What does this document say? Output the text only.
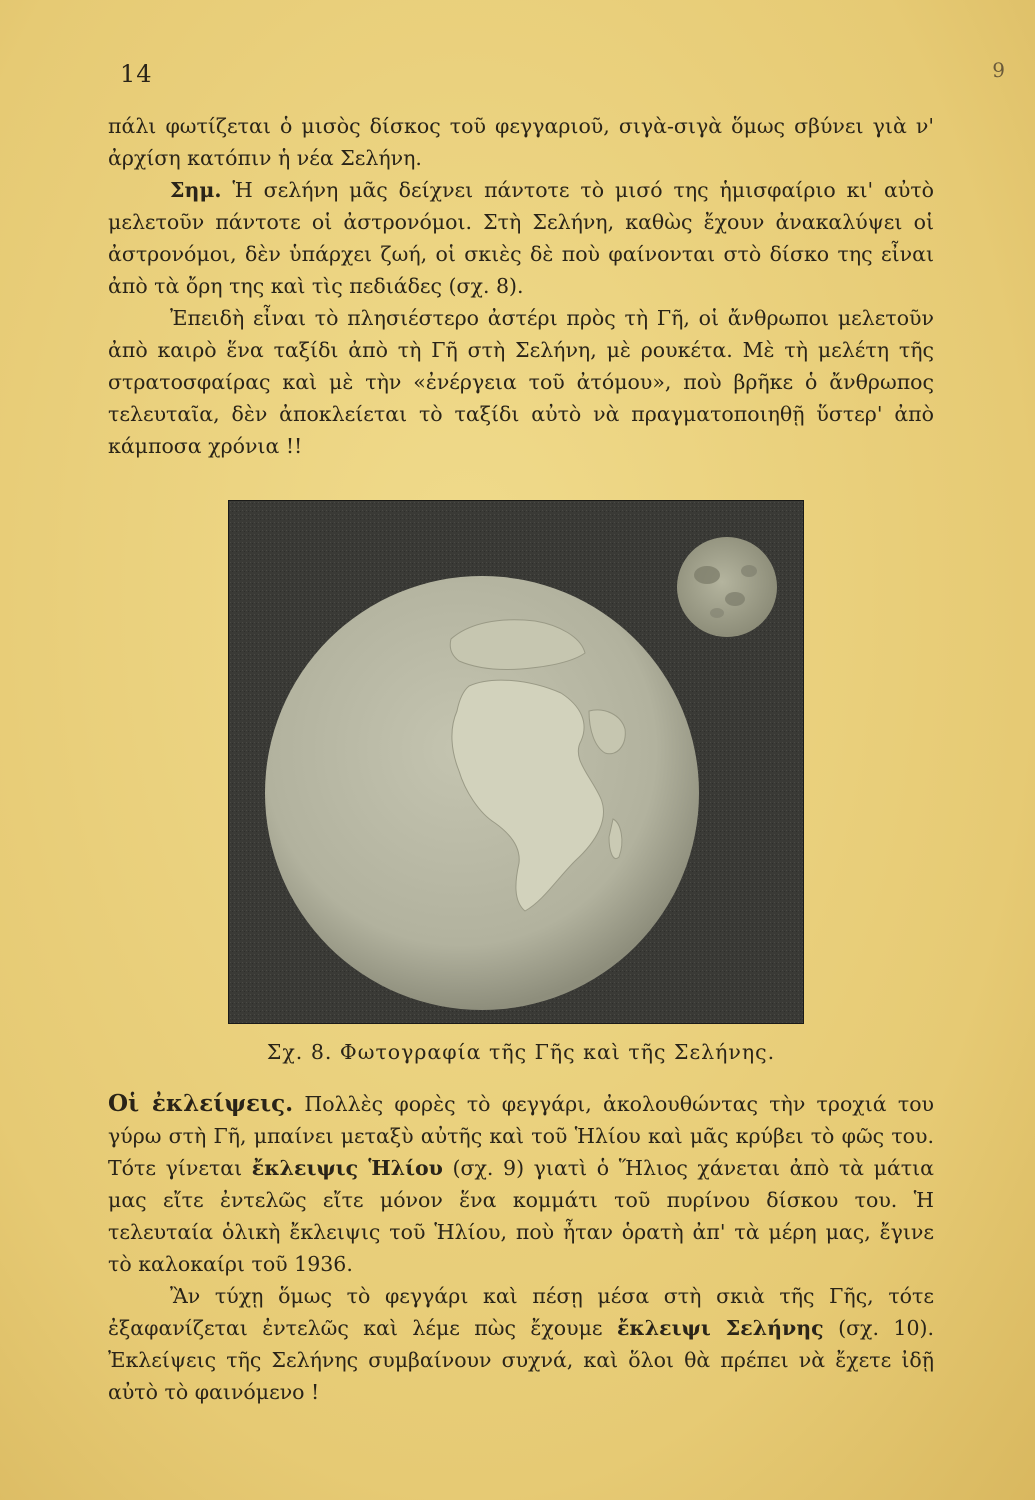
14	9

πάλι φωτίζεται ὁ μισὸς δίσκος τοῦ φεγγαριοῦ, σιγὰ-σιγὰ ὅμως σβύνει γιὰ ν' ἀρχίση κατόπιν ἡ νέα Σελήνη.

Σημ. Ἡ σελήνη μᾶς δείχνει πάντοτε τὸ μισό της ἡμισφαίριο κι' αὐτὸ μελετοῦν πάντοτε οἱ ἀστρονόμοι. Στὴ Σελήνη, καθὼς ἔχουν ἀνακαλύψει οἱ ἀστρονόμοι, δὲν ὑπάρχει ζωή, οἱ σκιὲς δὲ ποὺ φαίνονται στὸ δίσκο της εἶναι ἀπὸ τὰ ὄρη της καὶ τὶς πεδιάδες (σχ. 8).

Ἐπειδὴ εἶναι τὸ πλησιέστερο ἀστέρι πρὸς τὴ Γῆ, οἱ ἄνθρωποι μελετοῦν ἀπὸ καιρὸ ἕνα ταξίδι ἀπὸ τὴ Γῆ στὴ Σελήνη, μὲ ρουκέτα. Μὲ τὴ μελέτη τῆς στρατοσφαίρας καὶ μὲ τὴν «ἐνέργεια τοῦ ἀτόμου», ποὺ βρῆκε ὁ ἄνθρωπος τελευταῖα, δὲν ἀποκλείεται τὸ ταξίδι αὐτὸ νὰ πραγματοποιηθῇ ὕστερ' ἀπὸ κάμποσα χρόνια !!

Σχ. 8. Φωτογραφία τῆς Γῆς καὶ τῆς Σελήνης.

Οἱ ἐκλείψεις. Πολλὲς φορὲς τὸ φεγγάρι, ἀκολουθώντας τὴν τροχιά του γύρω στὴ Γῆ, μπαίνει μεταξὺ αὐτῆς καὶ τοῦ Ἡλίου καὶ μᾶς κρύβει τὸ φῶς του. Τότε γίνεται ἔκλειψις Ἡλίου (σχ. 9) γιατὶ ὁ Ἥλιος χάνεται ἀπὸ τὰ μάτια μας εἴτε ἐντελῶς εἴτε μόνον ἕνα κομμάτι τοῦ πυρίνου δίσκου του. Ἡ τελευταία ὁλικὴ ἔκλειψις τοῦ Ἡλίου, ποὺ ἦταν ὁρατὴ ἀπ' τὰ μέρη μας, ἔγινε τὸ καλοκαίρι τοῦ 1936.

Ἂν τύχῃ ὅμως τὸ φεγγάρι καὶ πέσῃ μέσα στὴ σκιὰ τῆς Γῆς, τότε ἐξαφανίζεται ἐντελῶς καὶ λέμε πὼς ἔχουμε ἔκλειψι Σελήνης (σχ. 10). Ἐκλείψεις τῆς Σελήνης συμβαίνουν συχνά, καὶ ὅλοι θὰ πρέπει νὰ ἔχετε ἰδῇ αὐτὸ τὸ φαινόμενο !
